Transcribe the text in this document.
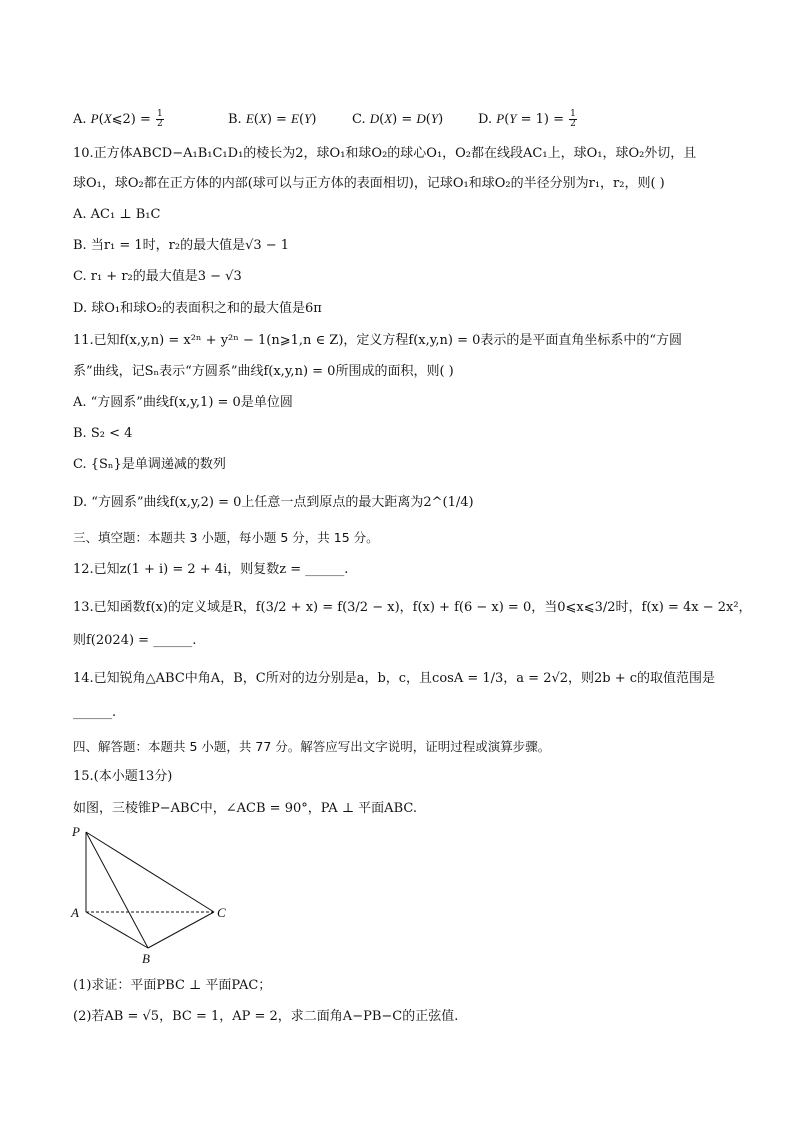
A. P(X⩽2) = $\frac{1}{2}$	B. E(X) = E(Y)	C. D(X) = D(Y)	D. $P(Y = 1) = \frac{1}{2}$
10.正方体ABCD−A₁B₁C₁D₁的棱长为2，球O₁和球O₂的球心O₁，O₂都在线段AC₁上，球O₁，球O₂外切，且
球O₁，球O₂都在正方体的内部(球可以与正方体的表面相切)，记球O₁和球O₂的半径分别为r₁，r₂，则( )
A. AC₁ ⊥ B₁C
B. 当r₁ = 1时，r₂的最大值是√3 − 1
C. r₁ + r₂的最大值是3 − √3
D. 球O₁和球O₂的表面积之和的最大值是6π
11.已知f(x,y,n) = x²ⁿ + y²ⁿ − 1(n⩾1,n ∈ Z)，定义方程f(x,y,n) = 0表示的是平面直角坐标系中的“方圆
系”曲线，记Sₙ表示“方圆系”曲线f(x,y,n) = 0所围成的面积，则( )
A. “方圆系”曲线f(x,y,1) = 0是单位圆
B. S₂ < 4
C. {Sₙ}是单调递减的数列
D. “方圆系”曲线f(x,y,2) = 0上任意一点到原点的最大距离为2^(1/4)
三、填空题：本题共 3 小题，每小题 5 分，共 15 分。
12.已知z(1 + i) = 2 + 4i，则复数z = ______.
13.已知函数f(x)的定义域是R，f(3/2 + x) = f(3/2 − x)，f(x) + f(6 − x) = 0，当0⩽x⩽3/2时，f(x) = 4x − 2x²，
则f(2024) = ______.
14.已知锐角△ABC中角A，B，C所对的边分别是a，b，c，且cosA = 1/3，a = 2√2，则2b + c的取值范围是
______.
四、解答题：本题共 5 小题，共 77 分。解答应写出文字说明，证明过程或演算步骤。
15.(本小题13分)
如图，三棱锥P−ABC中，∠ACB = 90°，PA ⊥ 平面ABC.
P
A
B
C
(1)求证：平面PBC ⊥ 平面PAC；
(2)若AB = √5，BC = 1，AP = 2，求二面角A−PB−C的正弦值.
